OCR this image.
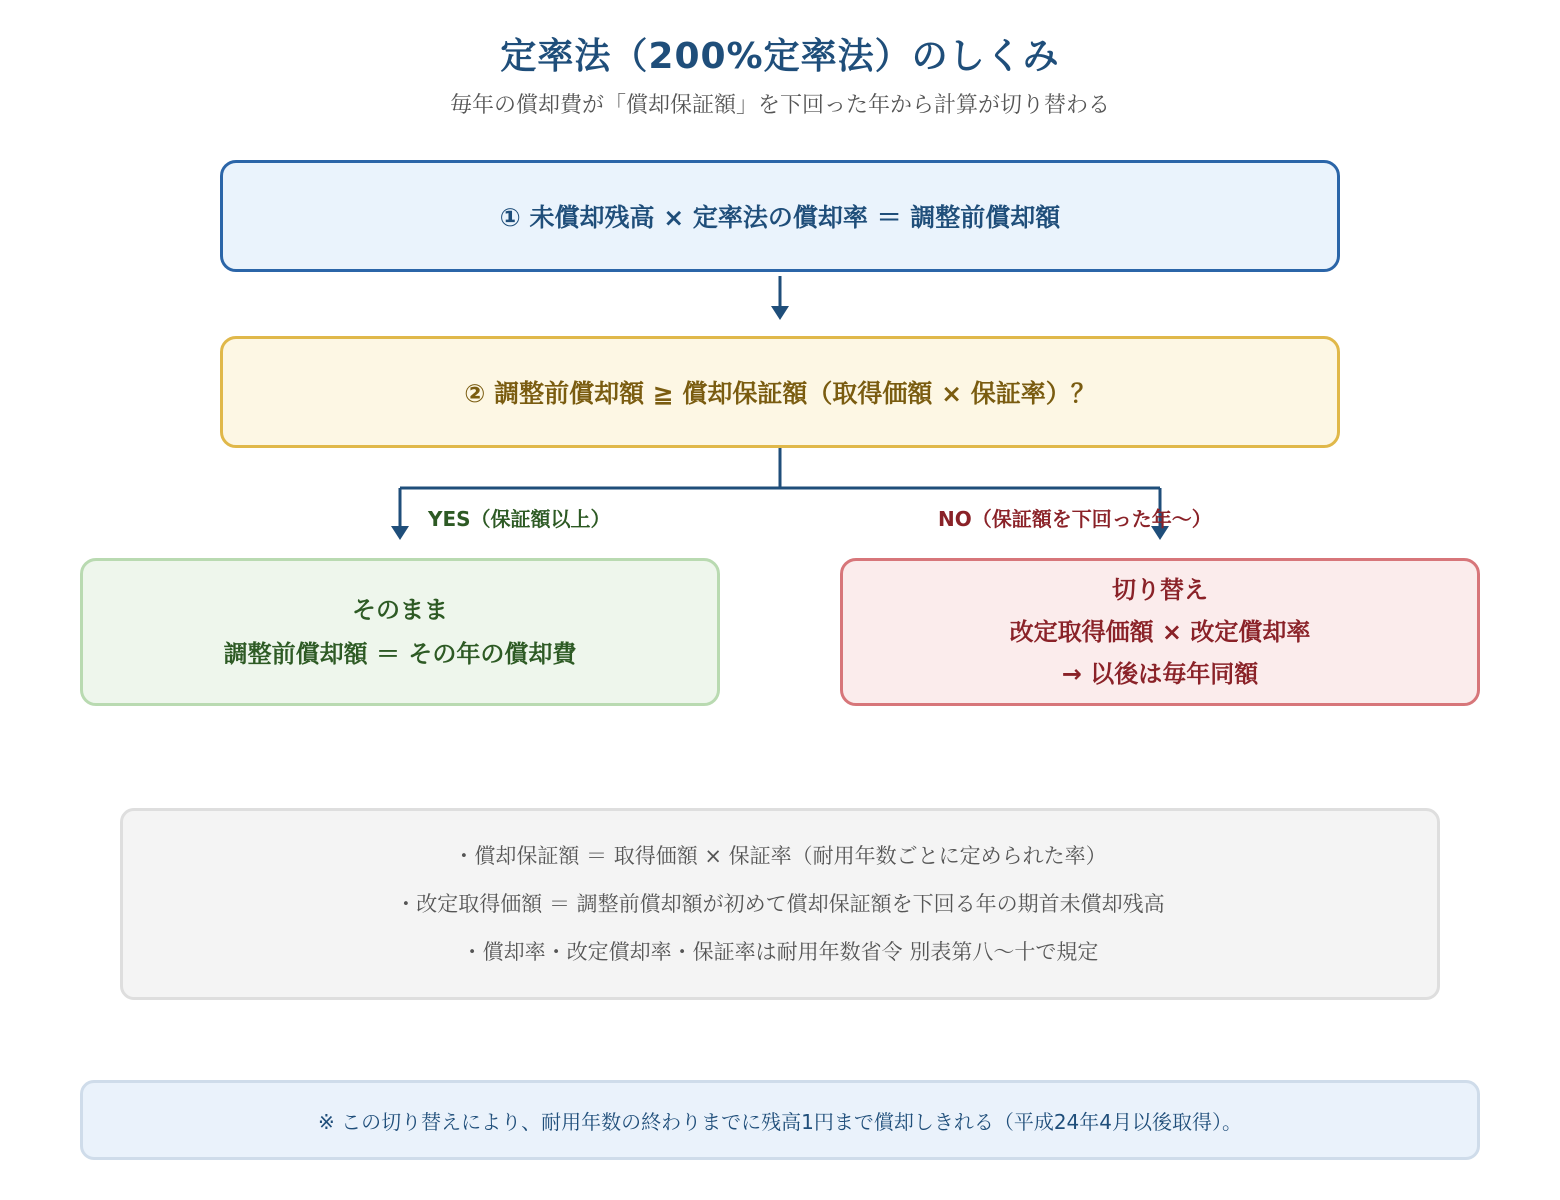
定率法（200%定率法）のしくみ
毎年の償却費が「償却保証額」を下回った年から計算が切り替わる
① 未償却残高 × 定率法の償却率 ＝ 調整前償却額
② 調整前償却額 ≧ 償却保証額（取得価額 × 保証率）？
YES（保証額以上）	NO（保証額を下回った年〜）
そのまま
調整前償却額 ＝ その年の償却費
切り替え
改定取得価額 × 改定償却率
→ 以後は毎年同額
・償却保証額 ＝ 取得価額 × 保証率（耐用年数ごとに定められた率）
・改定取得価額 ＝ 調整前償却額が初めて償却保証額を下回る年の期首未償却残高
・償却率・改定償却率・保証率は耐用年数省令 別表第八〜十で規定
※ この切り替えにより、耐用年数の終わりまでに残高1円まで償却しきれる（平成24年4月以後取得）。
